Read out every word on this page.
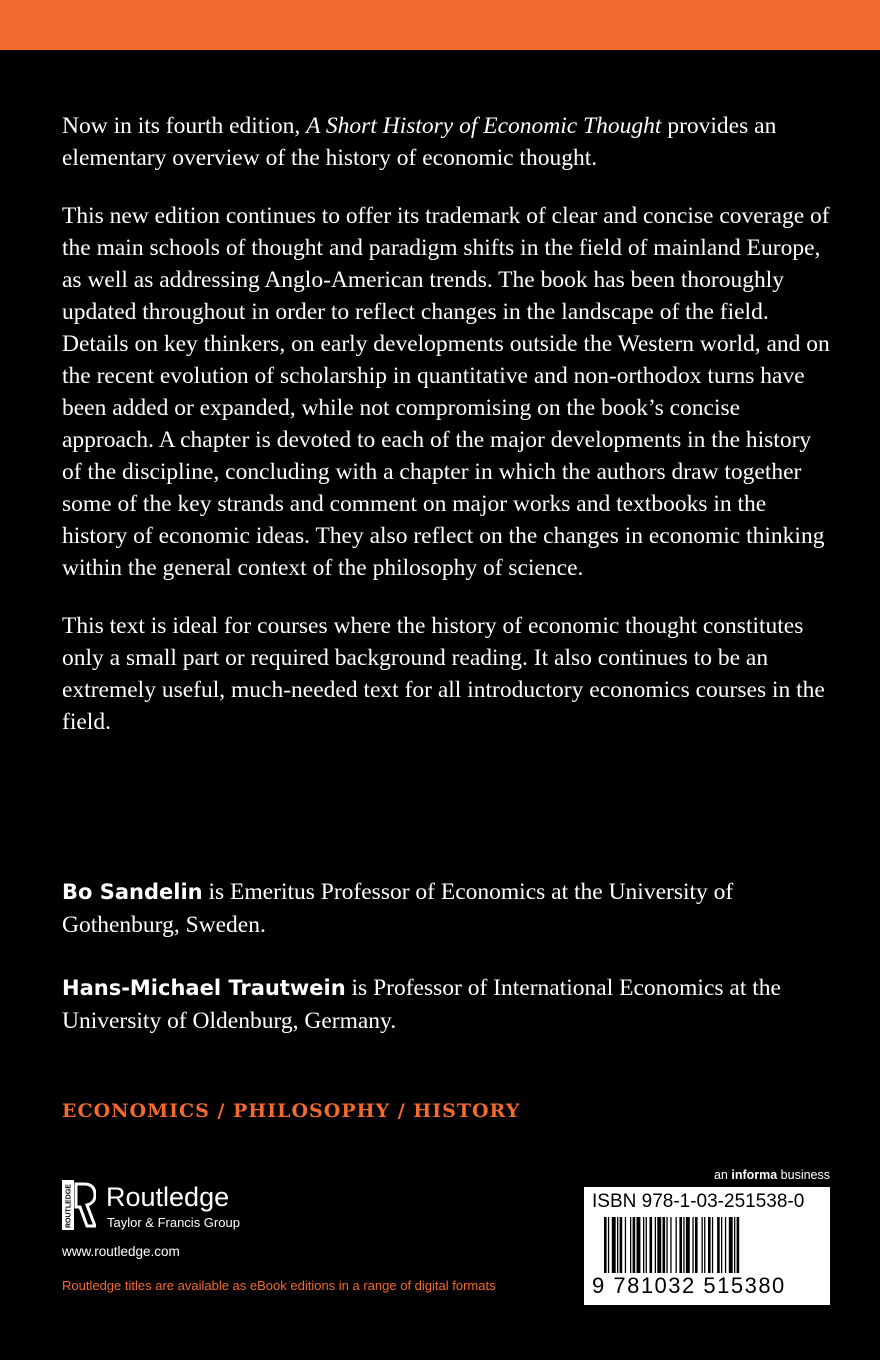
Now in its fourth edition, A Short History of Economic Thought provides an elementary overview of the history of economic thought.

This new edition continues to offer its trademark of clear and concise coverage of the main schools of thought and paradigm shifts in the field of mainland Europe, as well as addressing Anglo-American trends. The book has been thoroughly updated throughout in order to reflect changes in the landscape of the field. Details on key thinkers, on early developments outside the Western world, and on the recent evolution of scholarship in quantitative and non-orthodox turns have been added or expanded, while not compromising on the book’s concise approach. A chapter is devoted to each of the major developments in the history of the discipline, concluding with a chapter in which the authors draw together some of the key strands and comment on major works and textbooks in the history of economic ideas. They also reflect on the changes in economic thinking within the general context of the philosophy of science.

This text is ideal for courses where the history of economic thought constitutes only a small part or required background reading. It also continues to be an extremely useful, much-needed text for all introductory economics courses in the field.

Bo Sandelin is Emeritus Professor of Economics at the University of Gothenburg, Sweden.

Hans-Michael Trautwein is Professor of International Economics at the University of Oldenburg, Germany.

ECONOMICS / PHILOSOPHY / HISTORY
ROUTLEDGE Routledge
Taylor & Francis Group
www.routledge.com
Routledge titles are available as eBook editions in a range of digital formats
an informa business
ISBN 978-1-03-251538-0
9 781032 515380
